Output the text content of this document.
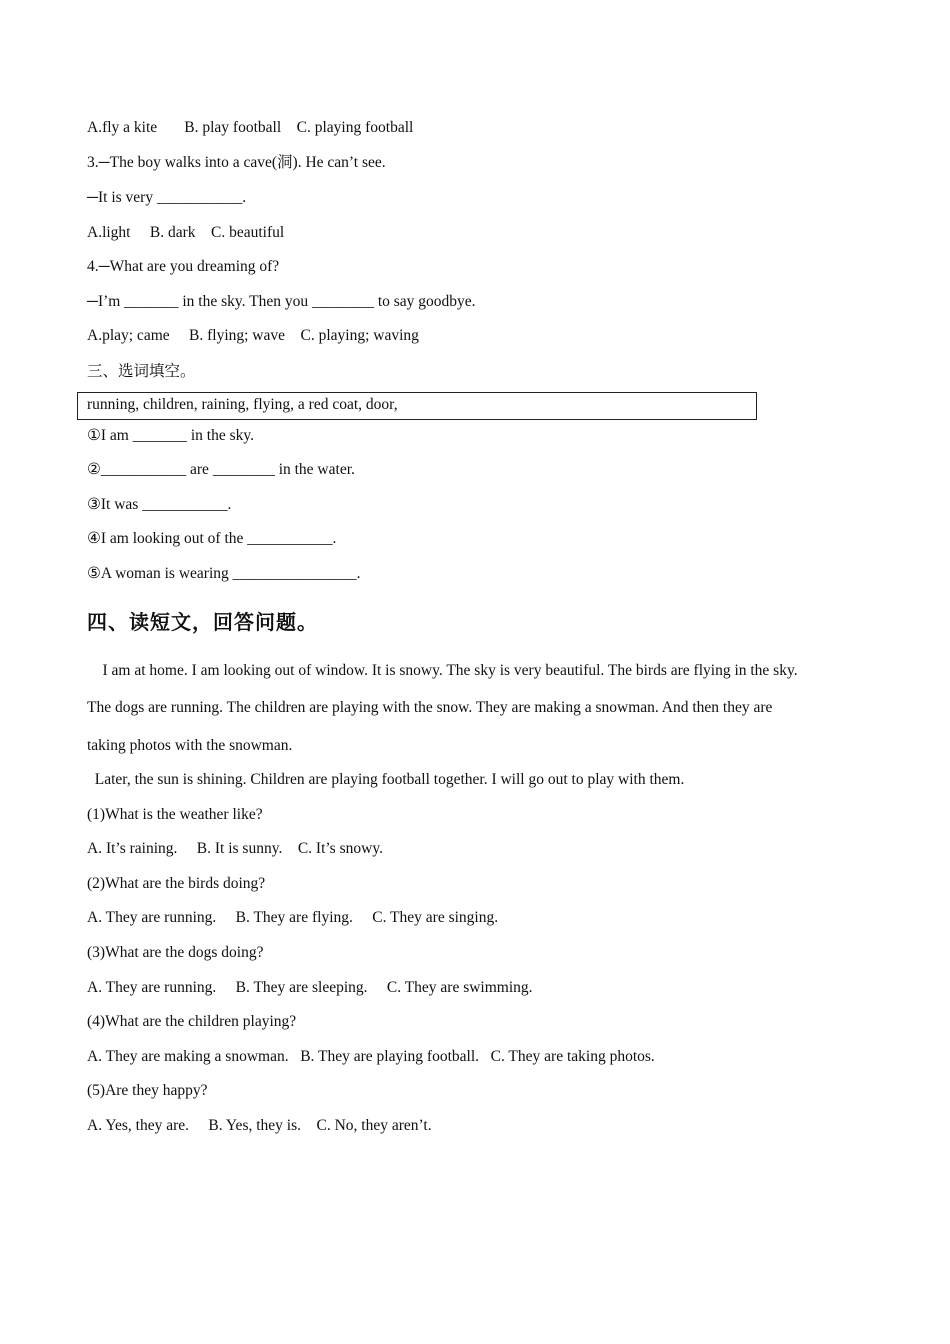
A.fly a kite       B. play football    C. playing football
3.─The boy walks into a cave(洞). He can’t see.
─It is very ___________.
A.light     B. dark    C. beautiful
4.─What are you dreaming of?
─I’m _______ in the sky. Then you ________ to say goodbye.
A.play; came     B. flying; wave    C. playing; waving
三、选词填空。
running, children, raining, flying, a red coat, door,
①I am _______ in the sky.
②___________ are ________ in the water.
③It was ___________.
④I am looking out of the ___________.
⑤A woman is wearing ________________.
四、读短文，回答问题。
I am at home. I am looking out of window. It is snowy. The sky is very beautiful. The birds are flying in the sky.
The dogs are running. The children are playing with the snow. They are making a snowman. And then they are
taking photos with the snowman.
Later, the sun is shining. Children are playing football together. I will go out to play with them.
(1)What is the weather like?
A. It’s raining.     B. It is sunny.    C. It’s snowy.
(2)What are the birds doing?
A. They are running.     B. They are flying.     C. They are singing.
(3)What are the dogs doing?
A. They are running.     B. They are sleeping.     C. They are swimming.
(4)What are the children playing?
A. They are making a snowman.   B. They are playing football.   C. They are taking photos.
(5)Are they happy?
A. Yes, they are.     B. Yes, they is.    C. No, they aren’t.
